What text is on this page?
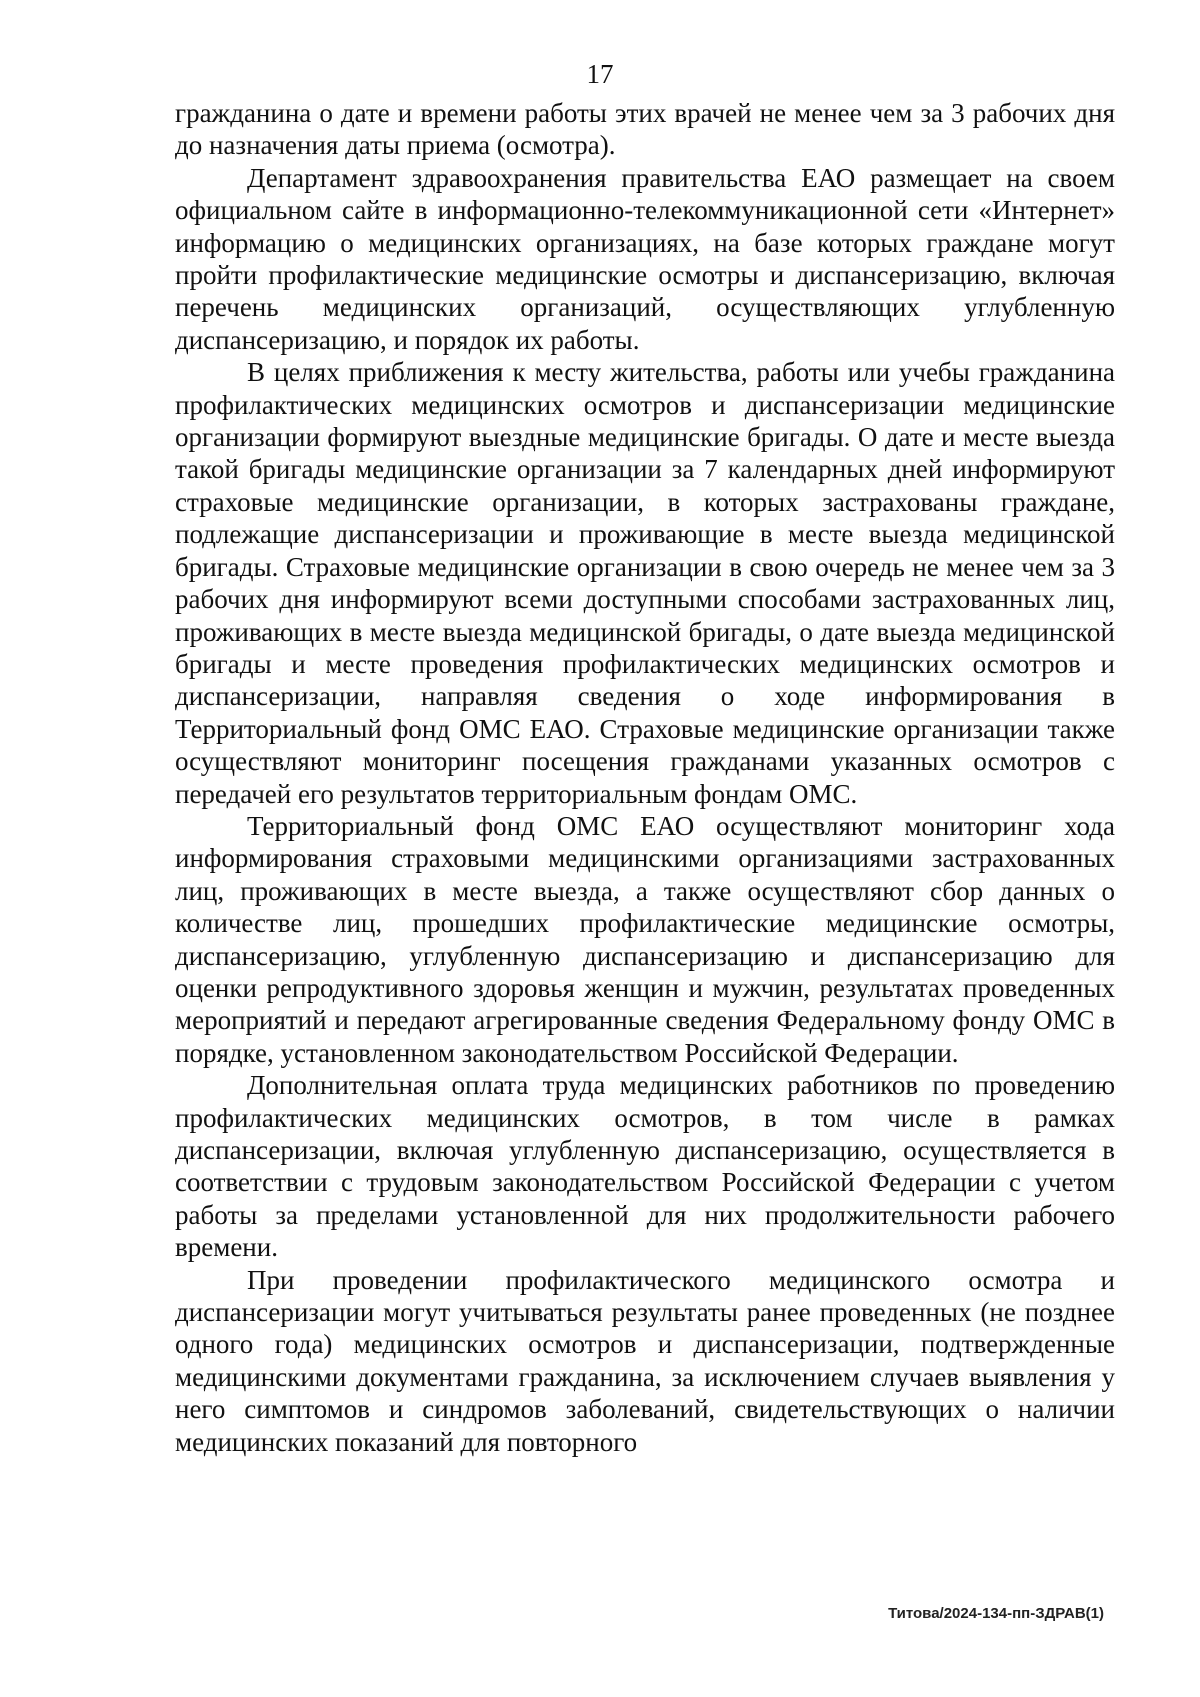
17

гражданина о дате и времени работы этих врачей не менее чем за 3 рабочих дня до назначения даты приема (осмотра).

Департамент здравоохранения правительства ЕАО размещает на своем официальном сайте в информационно-телекоммуникационной сети «Интернет» информацию о медицинских организациях, на базе которых граждане могут пройти профилактические медицинские осмотры и диспансеризацию, включая перечень медицинских организаций, осуществляющих углубленную диспансеризацию, и порядок их работы.

В целях приближения к месту жительства, работы или учебы гражданина профилактических медицинских осмотров и диспансеризации медицинские организации формируют выездные медицинские бригады. О дате и месте выезда такой бригады медицинские организации за 7 календарных дней информируют страховые медицинские организации, в которых застрахованы граждане, подлежащие диспансеризации и проживающие в месте выезда медицинской бригады. Страховые медицинские организации в свою очередь не менее чем за 3 рабочих дня информируют всеми доступными способами застрахованных лиц, проживающих в месте выезда медицинской бригады, о дате выезда медицинской бригады и месте проведения профилактических медицинских осмотров и диспансеризации, направляя сведения о ходе информирования в Территориальный фонд ОМС ЕАО. Страховые медицинские организации также осуществляют мониторинг посещения гражданами указанных осмотров с передачей его результатов территориальным фондам ОМС.

Территориальный фонд ОМС ЕАО осуществляют мониторинг хода информирования страховыми медицинскими организациями застрахованных лиц, проживающих в месте выезда, а также осуществляют сбор данных о количестве лиц, прошедших профилактические медицинские осмотры, диспансеризацию, углубленную диспансеризацию и диспансеризацию для оценки репродуктивного здоровья женщин и мужчин, результатах проведенных мероприятий и передают агрегированные сведения Федеральному фонду ОМС в порядке, установленном законодательством Российской Федерации.

Дополнительная оплата труда медицинских работников по проведению профилактических медицинских осмотров, в том числе в рамках диспансеризации, включая углубленную диспансеризацию, осуществляется в соответствии с трудовым законодательством Российской Федерации с учетом работы за пределами установленной для них продолжительности рабочего времени.

При проведении профилактического медицинского осмотра и диспансеризации могут учитываться результаты ранее проведенных (не позднее одного года) медицинских осмотров и диспансеризации, подтвержденные медицинскими документами гражданина, за исключением случаев выявления у него симптомов и синдромов заболеваний, свидетельствующих о наличии медицинских показаний для повторного

Титова/2024-134-пп-ЗДРАВ(1)
